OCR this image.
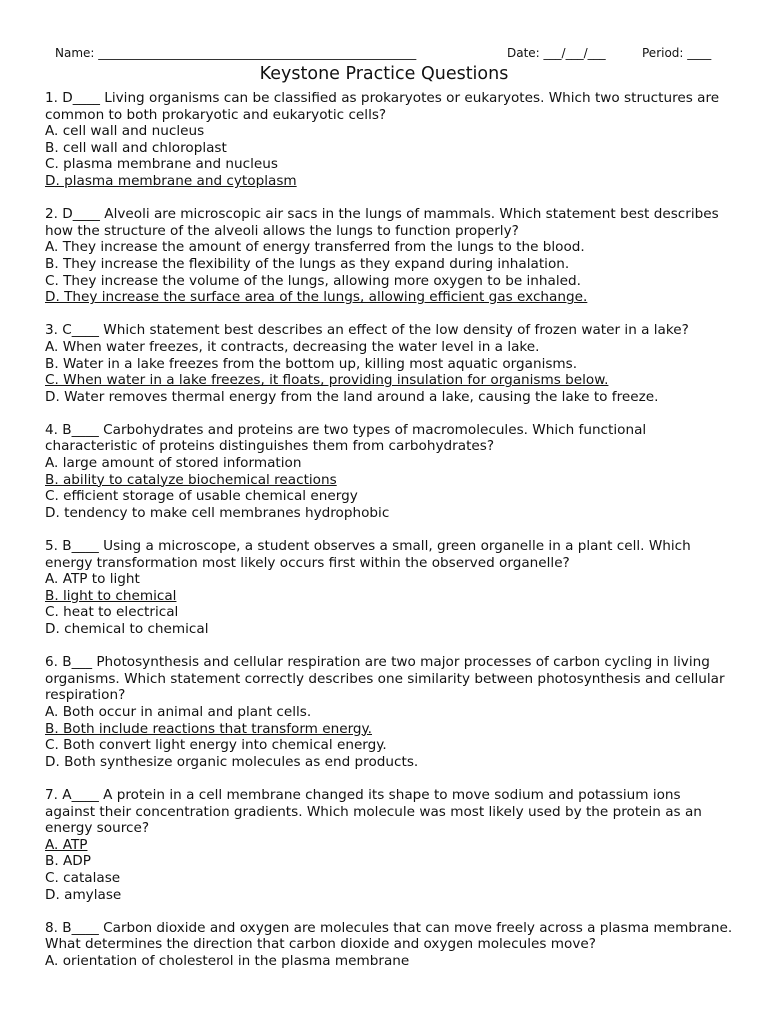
Name: _____________________________________________________	Date: ___/___/___	Period: ____
Keystone Practice Questions

1. D____ Living organisms can be classified as prokaryotes or eukaryotes. Which two structures are common to both prokaryotic and eukaryotic cells?

A. cell wall and nucleus

B. cell wall and chloroplast

C. plasma membrane and nucleus

D. plasma membrane and cytoplasm

2. D____ Alveoli are microscopic air sacs in the lungs of mammals. Which statement best describes how the structure of the alveoli allows the lungs to function properly?

A. They increase the amount of energy transferred from the lungs to the blood.

B. They increase the flexibility of the lungs as they expand during inhalation.

C. They increase the volume of the lungs, allowing more oxygen to be inhaled.

D. They increase the surface area of the lungs, allowing efficient gas exchange.

3. C____ Which statement best describes an effect of the low density of frozen water in a lake?

A. When water freezes, it contracts, decreasing the water level in a lake.

B. Water in a lake freezes from the bottom up, killing most aquatic organisms.

C. When water in a lake freezes, it floats, providing insulation for organisms below.

D. Water removes thermal energy from the land around a lake, causing the lake to freeze.

4. B____ Carbohydrates and proteins are two types of macromolecules. Which functional characteristic of proteins distinguishes them from carbohydrates?

A. large amount of stored information

B. ability to catalyze biochemical reactions

C. efficient storage of usable chemical energy

D. tendency to make cell membranes hydrophobic

5. B____ Using a microscope, a student observes a small, green organelle in a plant cell. Which energy transformation most likely occurs first within the observed organelle?

A. ATP to light

B. light to chemical

C. heat to electrical

D. chemical to chemical

6. B___ Photosynthesis and cellular respiration are two major processes of carbon cycling in living organisms. Which statement correctly describes one similarity between photosynthesis and cellular respiration?

A. Both occur in animal and plant cells.

B. Both include reactions that transform energy.

C. Both convert light energy into chemical energy.

D. Both synthesize organic molecules as end products.

7. A____ A protein in a cell membrane changed its shape to move sodium and potassium ions against their concentration gradients. Which molecule was most likely used by the protein as an energy source?

A. ATP

B. ADP

C. catalase

D. amylase

8. B____ Carbon dioxide and oxygen are molecules that can move freely across a plasma membrane. What determines the direction that carbon dioxide and oxygen molecules move?

A. orientation of cholesterol in the plasma membrane
